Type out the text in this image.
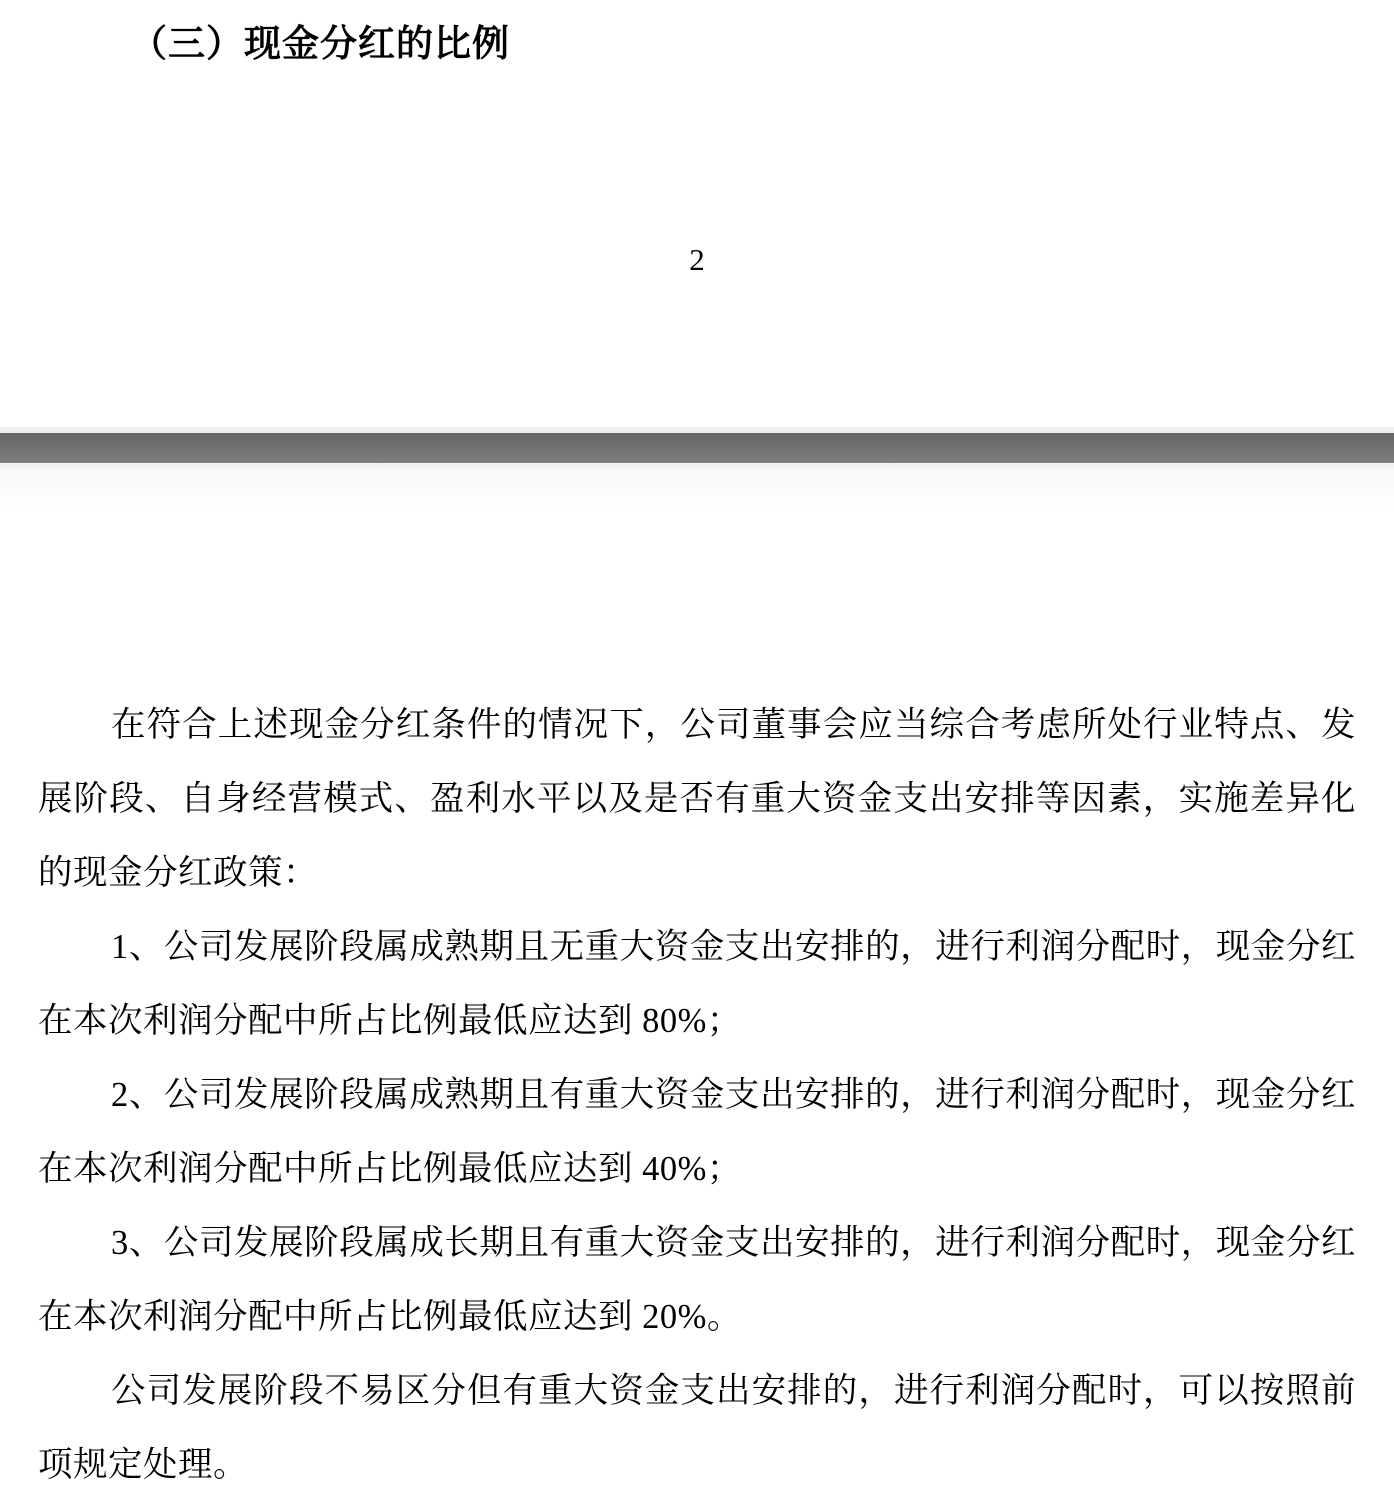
（三）现金分红的比例
2

在符合上述现金分红条件的情况下，公司董事会应当综合考虑所处行业特点、发展阶段、自身经营模式、盈利水平以及是否有重大资金支出安排等因素，实施差异化的现金分红政策：

1、公司发展阶段属成熟期且无重大资金支出安排的，进行利润分配时，现金分红在本次利润分配中所占比例最低应达到 80%；

2、公司发展阶段属成熟期且有重大资金支出安排的，进行利润分配时，现金分红在本次利润分配中所占比例最低应达到 40%；

3、公司发展阶段属成长期且有重大资金支出安排的，进行利润分配时，现金分红在本次利润分配中所占比例最低应达到 20%。

公司发展阶段不易区分但有重大资金支出安排的，进行利润分配时，可以按照前项规定处理。
